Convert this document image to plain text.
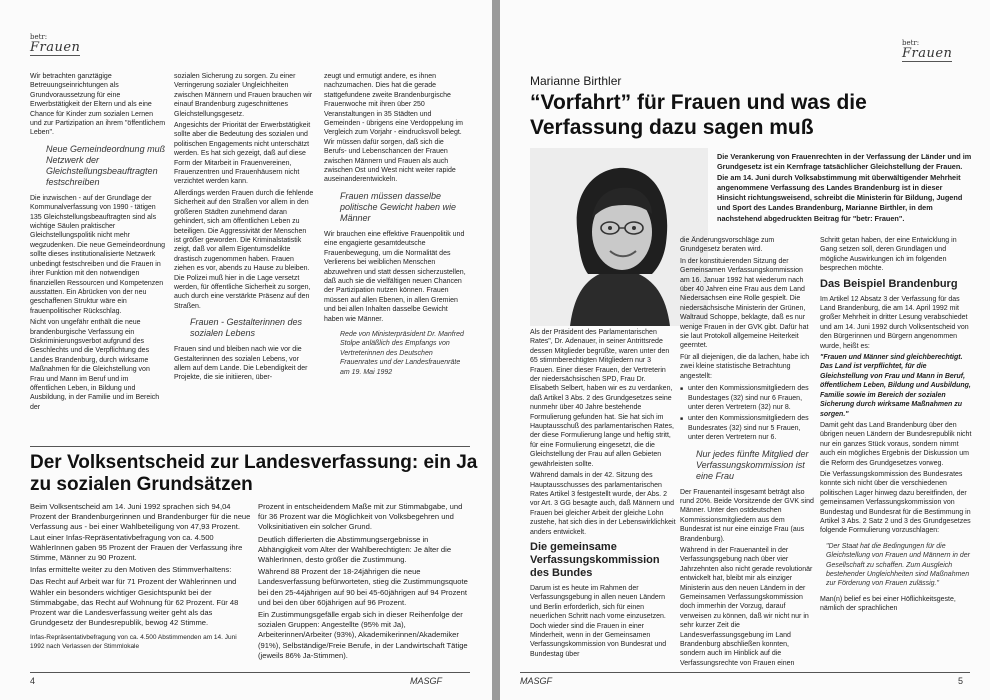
betr:
Frauen

Wir betrachten ganztägige Betreuungseinrichtungen als Grundvoraussetzung für eine Erwerbstätigkeit der Eltern und als eine Chance für Kinder zum sozialen Lernen und zur Partizipation an ihrem "öffentlichem Leben".

Neue Gemeindeordnung muß Netzwerk der Gleichstellungsbeauftragten festschreiben

Die inzwischen - auf der Grundlage der Kommunalverfassung von 1990 - tätigen 135 Gleichstellungsbeauftragten sind als wichtige Säulen praktischer Gleichstellungspolitik nicht mehr wegzudenken. Die neue Gemeindeordnung sollte dieses institutionalisierte Netzwerk unbedingt festschreiben und die Frauen in ihrer Funktion mit den notwendigen finanziellen Ressourcen und Kompetenzen ausstatten. Ein Abrücken von der neu geschaffenen Struktur wäre ein frauenpolitischer Rückschlag.

Nicht von ungefähr enthält die neue brandenburgische Verfassung ein Diskriminierungsverbot aufgrund des Geschlechts und die Verpflichtung des Landes Brandenburg, durch wirksame Maßnahmen für die Gleichstellung von Frau und Mann im Beruf und im öffentlichen Leben, in Bildung und Ausbildung, in der Familie und im Bereich der

sozialen Sicherung zu sorgen. Zu einer Verringerung sozialer Ungleichheiten zwischen Männern und Frauen brauchen wir einauf Brandenburg zugeschnittenes Gleichstellungsgesetz.

Angesichts der Priorität der Erwerbstätigkeit sollte aber die Bedeutung des sozialen und politischen Engagements nicht unterschätzt werden. Es hat sich gezeigt, daß auf diese Form der Mitarbeit in Frauenvereinen, Frauenzentren und Frauenhäusern nicht verzichtet werden kann.

Allerdings werden Frauen durch die fehlende Sicherheit auf den Straßen vor allem in den größeren Städten zunehmend daran gehindert, sich am öffentlichen Leben zu beteiligen. Die Aggressivität der Menschen ist größer geworden. Die Kriminalstatistik zeigt, daß vor allem Eigentumsdelikte drastisch zugenommen haben. Frauen ziehen es vor, abends zu Hause zu bleiben. Die Polizei muß hier in die Lage versetzt werden, für öffentliche Sicherheit zu sorgen, auch durch eine verstärkte Präsenz auf den Straßen.

Frauen - Gestalterinnen des sozialen Lebens

Frauen sind und bleiben nach wie vor die Gestalterinnen des sozialen Lebens, vor allem auf dem Lande. Die Lebendigkeit der Projekte, die sie initiieren, über-

zeugt und ermutigt andere, es ihnen nachzumachen. Dies hat die gerade stattgefundene zweite Brandenburgische Frauenwoche mit ihren über 250 Veranstaltungen in 35 Städten und Gemeinden - übrigens eine Verdoppelung im Vergleich zum Vorjahr - eindrucksvoll belegt. Wir müssen dafür sorgen, daß sich die Berufs- und Lebenschancen der Frauen zwischen Männern und Frauen als auch zwischen Ost und West nicht weiter rapide auseinanderentwickeln.

Frauen müssen dasselbe politische Gewicht haben wie Männer

Wir brauchen eine effektive Frauenpolitik und eine engagierte gesamtdeutsche Frauenbewegung, um die Normalität des Verlierens bei weiblichen Menschen abzuwehren und statt dessen sicherzustellen, daß auch sie die vielfältigen neuen Chancen der Partizipation nutzen können. Frauen müssen auf allen Ebenen, in allen Gremien und bei allen Inhalten dasselbe Gewicht haben wie Männer.

Rede von Ministerpräsident Dr. Manfred Stolpe anläßlich des Empfangs von Vertreterinnen des Deutschen Frauenrates und der Landesfrauenräte am 19. Mai 1992

Der Volksentscheid zur Landesverfassung: ein Ja zu sozialen Grundsätzen

Beim Volksentscheid am 14. Juni 1992 sprachen sich 94,04 Prozent der Brandenburgerinnen und Brandenburger für die neue Verfassung aus - bei einer Wahlbeteiligung von 47,93 Prozent. Laut einer Infas-Repräsentativbefragung von ca. 4.500 WählerInnen gaben 95 Prozent der Frauen der Verfassung ihre Stimme, Männer zu 90 Prozent.

Infas ermittelte weiter zu den Motiven des StimmverhaItens:

Das Recht auf Arbeit war für 71 Prozent der Wählerinnen und Wähler ein besonders wichtiger Gesichtspunkt bei der Stimmabgabe, das Recht auf Wohnung für 62 Prozent. Für 48 Prozent war die Landesverfassung weiter geht als das Grundgesetz der Bundesrepublik, bewog 42 Stimme.

Infas-Repräsentativbefragung von ca. 4.500 Abstimmenden am 14. Juni 1992 nach Verlassen der Stimmlokale

Prozent in entscheidendem Maße mit zur Stimmabgabe, und für 36 Prozent war die Möglichkeit von Volksbegehren und Volksinitiativen ein solcher Grund.

Deutlich differierten die Abstimmungsergebnisse in Abhängigkeit vom Alter der Wahlberechtigten: Je älter die WählerInnen, desto größer die Zustimmung.

Während 88 Prozent der 18-24jährigen die neue Landesverfassung befürworteten, stieg die Zustimmungsquote bei den 25-44jährigen auf 90 bei 45-60jährigen auf 94 Prozent und bei den über 60jährigen auf 96 Prozent.

Ein Zustimmungsgefälle ergab sich in dieser Reihenfolge der sozialen Gruppen: Angestellte (95% mit Ja), Arbeiterinnen/Arbeiter (93%), Akademikerinnen/Akademiker (91%), Selbständige/Freie Berufe, in der Landwirtschaft Tätige (jeweils 86% Ja-Stimmen).

4	MASGF
betr:
Frauen
Marianne Birthler
“Vorfahrt” für Frauen und was die Verfassung dazu sagen muß
Die Verankerung von Frauenrechten in der Verfassung der Länder und im Grundgesetz ist ein Kernfrage tatsächlicher Gleichstellung der Frauen. Die am 14. Juni durch Volksabstimmung mit überwältigender Mehrheit angenommene Verfassung des Landes Brandenburg ist in dieser Hinsicht richtungsweisend, schreibt die Ministerin für Bildung, Jugend und Sport des Landes Brandenburg, Marianne Birthler, in dem nachstehend abgedruckten Beitrag für "betr: Frauen".

Als der Präsident des Parlamentarischen Rates", Dr. Adenauer, in seiner Antrittsrede dessen Mitglieder begrüßte, waren unter den 65 stimmberechtigten Mitgliedern nur 3 Frauen. Einer dieser Frauen, der Vertreterin der niedersächsischen SPD, Frau Dr. Elisabeth Selbert, haben wir es zu verdanken, daß Artikel 3 Abs. 2 des Grundgesetzes seine nunmehr über 40 Jahre bestehende Formulierung gefunden hat. Sie hat sich im Hauptausschuß des parlamentarischen Rates, der diese Formulierung lange und heftig stritt, für eine Formulierung eingesetzt, die die Gleichstellung der Frau auf allen Gebieten gewährleisten sollte.

Während damals in der 42. Sitzung des Hauptausschusses des parlamentarischen Rates Artikel 3 festgestellt wurde, der Abs. 2 vor Art. 3 GG besagte auch, daß Männern und Frauen bei gleicher Arbeit der gleiche Lohn zustehe, hat sich dies in der Lebenswirklichkeit anders entwickelt.

Die gemeinsame Verfassungskommission des Bundes

Darum ist es heute im Rahmen der Verfassungsgebung in allen neuen Ländern und Berlin erforderlich, sich für einen neuerlichen Schritt nach vorne einzusetzen. Doch wieder sind die Frauen in einer Minderheit, wenn in der Gemeinsamen Verfassungskommission von Bundesrat und Bundestag über

die Änderungsvorschläge zum Grundgesetz beraten wird.

In der konstituierenden Sitzung der Gemeinsamen Verfassungskommission am 16. Januar 1992 hat wiederum nach über 40 Jahren eine Frau aus dem Land Niedersachsen eine Rolle gespielt. Die niedersächsische Ministerin der Grünen, Waltraud Schoppe, beklagte, daß es nur wenige Frauen in der GVK gibt. Dafür hat sie laut Protokoll allgemeine Heiterkeit geerntet.

Für all diejenigen, die da lachen, habe ich zwei kleine statistische Betrachtung angestellt:

■ unter den Kommissionsmitgliedern des Bundestages (32) sind nur 6 Frauen, unter deren Vertretern (32) nur 8.
■ unter den Kommissionsmitgliedern des Bundesrates (32) sind nur 5 Frauen, unter deren Vertretern nur 6.

Nur jedes fünfte Mitglied der Verfassungskommission ist eine Frau

Der Frauenanteil insgesamt beträgt also rund 20%. Beide Vorsitzende der GVK sind Männer. Unter den ostdeutschen Kommissionsmitgliedern aus dem Bundesrat ist nur eine einzige Frau (aus Brandenburg).

Während in der Frauenanteil in der Verfassungsgebung nach über vier Jahrzehnten also nicht gerade revolutionär entwickelt hat, bleibt mir als einziger Ministerin aus den neuen Ländern in der Gemeinsamen Verfassungskommission doch immerhin der Vorzug, darauf verweisen zu können, daß wir nicht nur in sehr kurzer Zeit die Landesverfassungsgebung im Land Brandenburg abschließen konnten, sondern auch im Hinblick auf die Verfassungsrechte von Frauen einen

Schritt getan haben, der eine Entwicklung in Gang setzen soll, deren Grundlagen und mögliche Auswirkungen ich im folgenden besprechen möchte.

Das Beispiel Brandenburg

Im Artikel 12 Absatz 3 der Verfassung für das Land Brandenburg, die am 14. April 1992 mit großer Mehrheit in dritter Lesung verabschiedet und am 14. Juni 1992 durch Volksentscheid von den Bürgerinnen und Bürgern angenommen wurde, heißt es:

"Frauen und Männer sind gleichberechtigt. Das Land ist verpflichtet, für die Gleichstellung von Frau und Mann in Beruf, öffentlichem Leben, Bildung und Ausbildung, Familie sowie im Bereich der sozialen Sicherung durch wirksame Maßnahmen zu sorgen."

Damit geht das Land Brandenburg über den übrigen neuen Ländern der Bundesrepublik nicht nur ein ganzes Stück voraus, sondern nimmt auch ein mögliches Ergebnis der Diskussion um die Reform des Grundgesetzes vorweg.

Die Verfassungskommission des Bundesrates konnte sich nicht über die verschiedenen politischen Lager hinweg dazu bereitfinden, der gemeinsamen Verfassungskommission von Bundestag und Bundesrat für die Bestimmung in Artikel 3 Abs. 2 Satz 2 und 3 des Grundgesetzes folgende Formulierung vorzuschlagen:

"Der Staat hat die Bedingungen für die Gleichstellung von Frauen und Männern in der Gesellschaft zu schaffen. Zum Ausgleich bestehender Ungleichheiten sind Maßnahmen zur Förderung von Frauen zulässig."

Man(n) belief es bei einer Höflichkeitsgeste, nämlich der sprachlichen

MASGF	5
